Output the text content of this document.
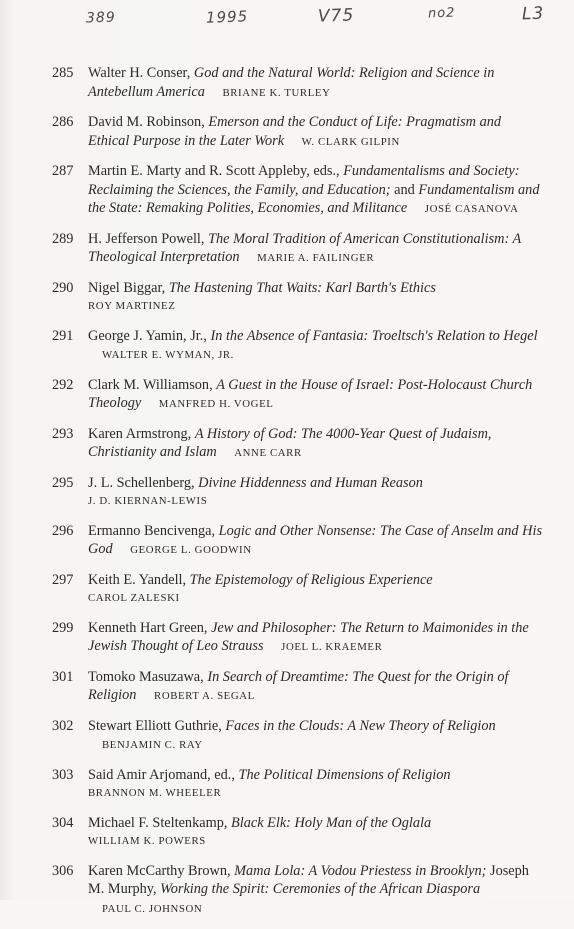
389	1995	V75	no2	L3
285	Walter H. Conser, God and the Natural World: Religion and Science in Antebellum America BRIANE K. TURLEY
286	David M. Robinson, Emerson and the Conduct of Life: Pragmatism and Ethical Purpose in the Later Work W. CLARK GILPIN
287	Martin E. Marty and R. Scott Appleby, eds., Fundamentalisms and Society: Reclaiming the Sciences, the Family, and Education; and Fundamentalism and the State: Remaking Polities, Economies, and Militance JOSÉ CASANOVA
289	H. Jefferson Powell, The Moral Tradition of American Constitutionalism: A Theological Interpretation MARIE A. FAILINGER
290	Nigel Biggar, The Hastening That Waits: Karl Barth's Ethics
ROY MARTINEZ
291	George J. Yamin, Jr., In the Absence of Fantasia: Troeltsch's Relation to Hegel WALTER E. WYMAN, JR.
292	Clark M. Williamson, A Guest in the House of Israel: Post-Holocaust Church Theology MANFRED H. VOGEL
293	Karen Armstrong, A History of God: The 4000-Year Quest of Judaism, Christianity and Islam ANNE CARR
295	J. L. Schellenberg, Divine Hiddenness and Human Reason
J. D. KIERNAN-LEWIS
296	Ermanno Bencivenga, Logic and Other Nonsense: The Case of Anselm and His God GEORGE L. GOODWIN
297	Keith E. Yandell, The Epistemology of Religious Experience
CAROL ZALESKI
299	Kenneth Hart Green, Jew and Philosopher: The Return to Maimonides in the Jewish Thought of Leo Strauss JOEL L. KRAEMER
301	Tomoko Masuzawa, In Search of Dreamtime: The Quest for the Origin of Religion ROBERT A. SEGAL
302	Stewart Elliott Guthrie, Faces in the Clouds: A New Theory of Religion BENJAMIN C. RAY
303	Said Amir Arjomand, ed., The Political Dimensions of Religion
BRANNON M. WHEELER
304	Michael F. Steltenkamp, Black Elk: Holy Man of the Oglala
WILLIAM K. POWERS
306	Karen McCarthy Brown, Mama Lola: A Vodou Priestess in Brooklyn; Joseph M. Murphy, Working the Spirit: Ceremonies of the African Diaspora PAUL C. JOHNSON
